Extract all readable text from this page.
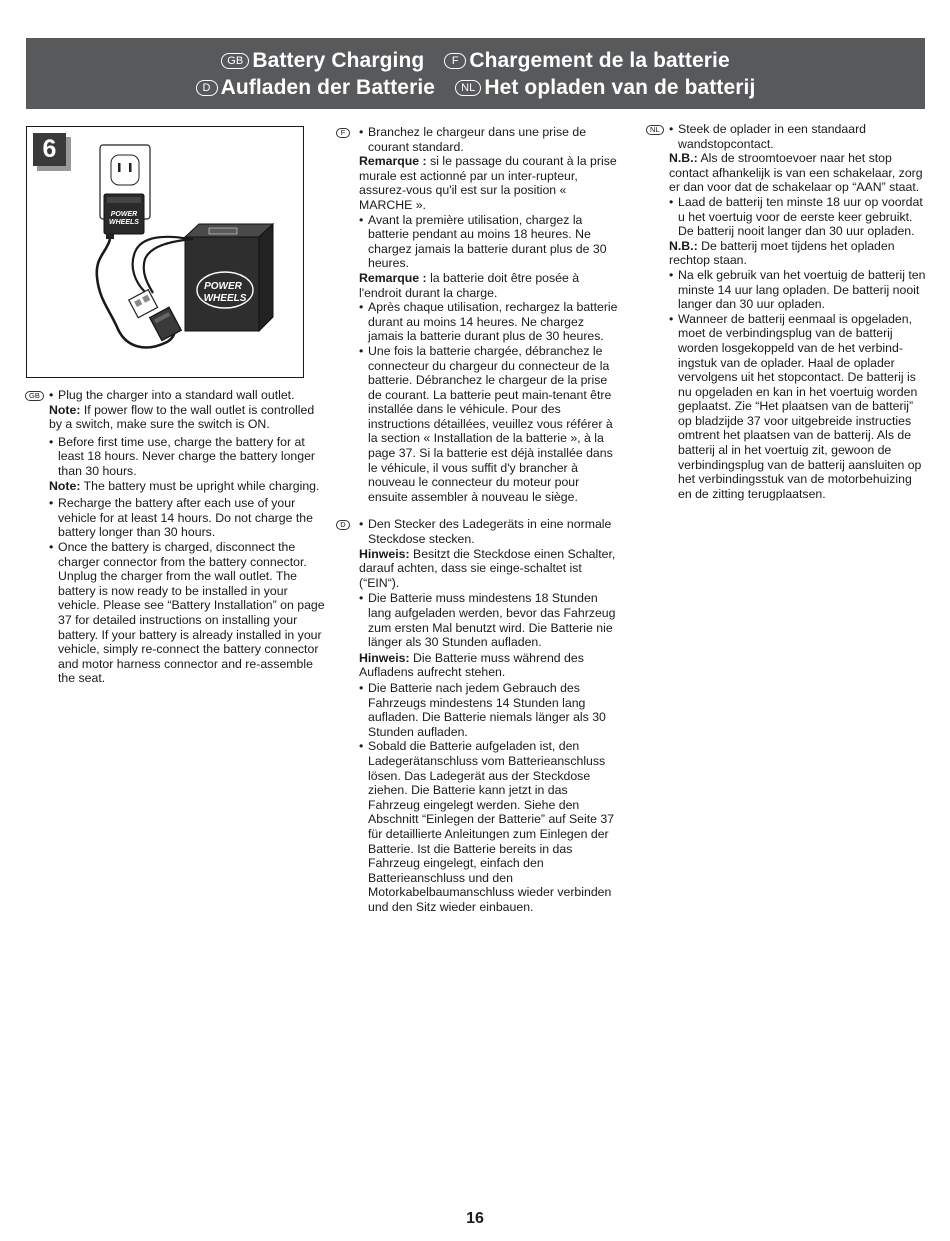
GB Battery Charging	F Chargement de la batterie
D Aufladen der Batterie NL Het opladen van de batterij
6
POWER
WHEELS
POWER
WHEELS
GB	• Plug the charger into a standard wall outlet.

Note: If power flow to the wall outlet is controlled by a switch, make sure the switch is ON.

• Before first time use, charge the battery for at least 18 hours. Never charge the battery longer than 30 hours.

Note: The battery must be upright while charging.

• Recharge the battery after each use of your vehicle for at least 14 hours. Do not charge the battery longer than 30 hours.

• Once the battery is charged, disconnect the charger connector from the battery connector. Unplug the charger from the wall outlet. The battery is now ready to be installed in your vehicle. Please see “Battery Installation” on page 37 for detailed instructions on installing your battery. If your battery is already installed in your vehicle, simply re-connect the battery connector and motor harness connector and re-assemble the seat.

F	• Branchez le chargeur dans une prise de courant standard.

Remarque : si le passage du courant à la prise murale est actionné par un inter-rupteur, assurez-vous qu'il est sur la position « MARCHE ».

• Avant la première utilisation, chargez la batterie pendant au moins 18 heures. Ne chargez jamais la batterie durant plus de 30 heures.

Remarque : la batterie doit être posée à l'endroit durant la charge.

• Après chaque utilisation, rechargez la batterie durant au moins 14 heures. Ne chargez jamais la batterie durant plus de 30 heures.

• Une fois la batterie chargée, débranchez le connecteur du chargeur du connecteur de la batterie. Débranchez le chargeur de la prise de courant. La batterie peut main-tenant être installée dans le véhicule. Pour des instructions détaillées, veuillez vous référer à la section « Installation de la batterie », à la page 37. Si la batterie est déjà installée dans le véhicule, il vous suffit d'y brancher à nouveau le connecteur du moteur pour ensuite assembler à nouveau le siège.

D	• Den Stecker des Ladegeräts in eine normale Steckdose stecken.

Hinweis: Besitzt die Steckdose einen Schalter, darauf achten, dass sie einge-schaltet ist (“EIN“).

• Die Batterie muss mindestens 18 Stunden lang aufgeladen werden, bevor das Fahrzeug zum ersten Mal benutzt wird. Die Batterie nie länger als 30 Stunden aufladen.

Hinweis: Die Batterie muss während des Aufladens aufrecht stehen.

• Die Batterie nach jedem Gebrauch des Fahrzeugs mindestens 14 Stunden lang aufladen. Die Batterie niemals länger als 30 Stunden aufladen.

• Sobald die Batterie aufgeladen ist, den Ladegerätanschluss vom Batterieanschluss lösen. Das Ladegerät aus der Steckdose ziehen. Die Batterie kann jetzt in das Fahrzeug eingelegt werden. Siehe den Abschnitt “Einlegen der Batterie” auf Seite 37 für detaillierte Anleitungen zum Einlegen der Batterie. Ist die Batterie bereits in das Fahrzeug eingelegt, einfach den Batterieanschluss und den Motorkabelbaumanschluss wieder verbinden und den Sitz wieder einbauen.

NL	• Steek de oplader in een standaard wandstopcontact.

N.B.: Als de stroomtoevoer naar het stop contact afhankelijk is van een schakelaar, zorg er dan voor dat de schakelaar op “AAN” staat.

• Laad de batterij ten minste 18 uur op voordat u het voertuig voor de eerste keer gebruikt. De batterij nooit langer dan 30 uur opladen.

N.B.: De batterij moet tijdens het opladen rechtop staan.

• Na elk gebruik van het voertuig de batterij ten minste 14 uur lang opladen. De batterij nooit langer dan 30 uur opladen.

• Wanneer de batterij eenmaal is opgeladen, moet de verbindingsplug van de batterij worden losgekoppeld van de het verbind-ingstuk van de oplader. Haal de oplader vervolgens uit het stopcontact. De batterij is nu opgeladen en kan in het voertuig worden geplaatst. Zie “Het plaatsen van de batterij” op bladzijde 37 voor uitgebreide instructies omtrent het plaatsen van de batterij. Als de batterij al in het voertuig zit, gewoon de verbindingsplug van de batterij aansluiten op het verbindingsstuk van de motorbehuizing en de zitting terugplaatsen.

16
